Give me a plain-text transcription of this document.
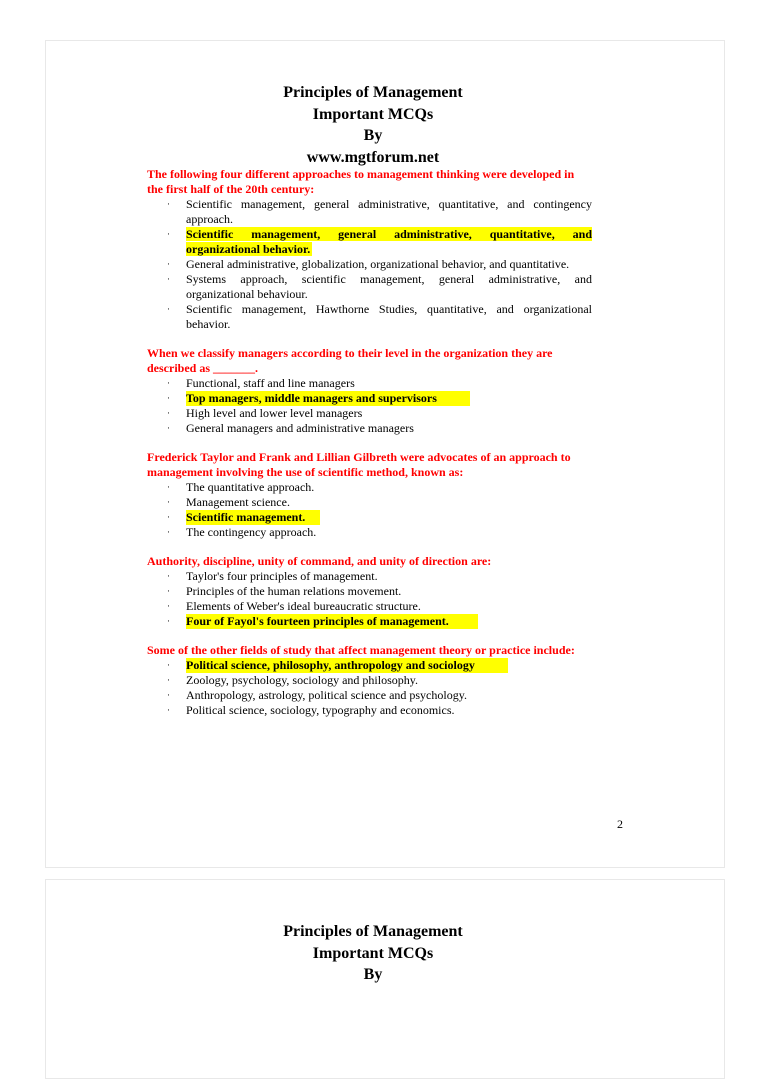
Principles of Management
Important MCQs
By
www.mgtforum.net
The following four different approaches to management thinking were developed in the first half of the 20th century:
· Scientific management, general administrative, quantitative, and contingency approach.
· Scientific management, general administrative, quantitative, and organizational behavior.
· General administrative, globalization, organizational behavior, and quantitative.
· Systems approach, scientific management, general administrative, and organizational behaviour.
· Scientific management, Hawthorne Studies, quantitative, and organizational behavior.
When we classify managers according to their level in the organization they are described as _______.
· Functional, staff and line managers
· Top managers, middle managers and supervisors
· High level and lower level managers
· General managers and administrative managers
Frederick Taylor and Frank and Lillian Gilbreth were advocates of an approach to management involving the use of scientific method, known as:
· The quantitative approach.
· Management science.
· Scientific management.
· The contingency approach.
Authority, discipline, unity of command, and unity of direction are:
· Taylor's four principles of management.
· Principles of the human relations movement.
· Elements of Weber's ideal bureaucratic structure.
· Four of Fayol's fourteen principles of management.
Some of the other fields of study that affect management theory or practice include:
· Political science, philosophy, anthropology and sociology
· Zoology, psychology, sociology and philosophy.
· Anthropology, astrology, political science and psychology.
· Political science, sociology, typography and economics.
2
Principles of Management
Important MCQs
By
